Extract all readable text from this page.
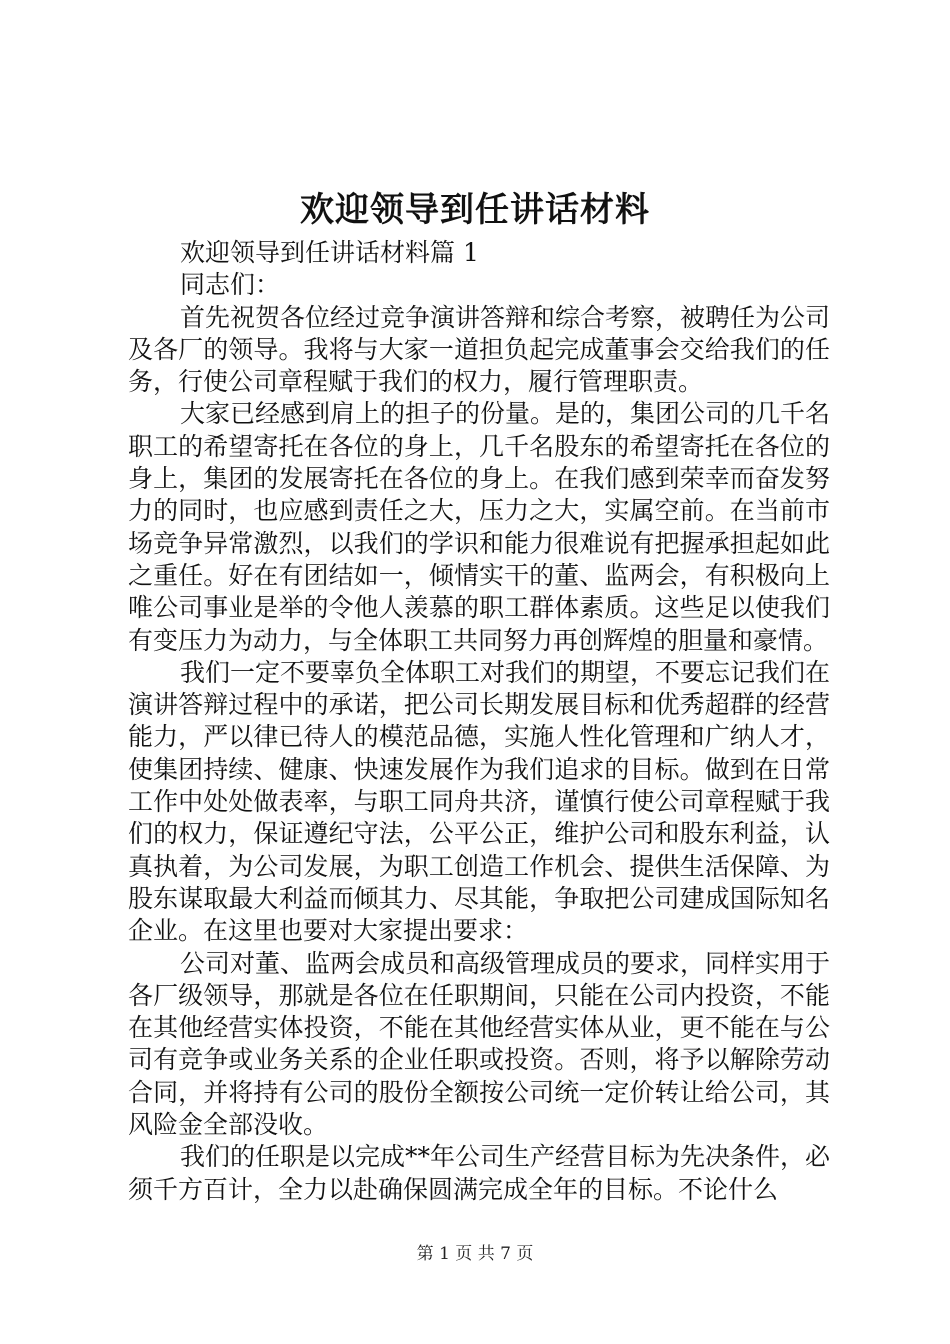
欢迎领导到任讲话材料

欢迎领导到任讲话材料篇 1

同志们：

首先祝贺各位经过竞争演讲答辩和综合考察，被聘任为公司及各厂的领导。我将与大家一道担负起完成董事会交给我们的任务，行使公司章程赋于我们的权力，履行管理职责。

大家已经感到肩上的担子的份量。是的，集团公司的几千名职工的希望寄托在各位的身上，几千名股东的希望寄托在各位的身上，集团的发展寄托在各位的身上。在我们感到荣幸而奋发努力的同时，也应感到责任之大，压力之大，实属空前。在当前市场竞争异常激烈，以我们的学识和能力很难说有把握承担起如此之重任。好在有团结如一，倾情实干的董、监两会，有积极向上唯公司事业是举的令他人羡慕的职工群体素质。这些足以使我们有变压力为动力，与全体职工共同努力再创辉煌的胆量和豪情。

我们一定不要辜负全体职工对我们的期望，不要忘记我们在演讲答辩过程中的承诺，把公司长期发展目标和优秀超群的经营能力，严以律已待人的模范品德，实施人性化管理和广纳人才，使集团持续、健康、快速发展作为我们追求的目标。做到在日常工作中处处做表率，与职工同舟共济，谨慎行使公司章程赋于我们的权力，保证遵纪守法，公平公正，维护公司和股东利益，认真执着，为公司发展，为职工创造工作机会、提供生活保障、为股东谋取最大利益而倾其力、尽其能，争取把公司建成国际知名企业。在这里也要对大家提出要求：

公司对董、监两会成员和高级管理成员的要求，同样实用于各厂级领导，那就是各位在任职期间，只能在公司内投资，不能在其他经营实体投资，不能在其他经营实体从业，更不能在与公司有竞争或业务关系的企业任职或投资。否则，将予以解除劳动合同，并将持有公司的股份全额按公司统一定价转让给公司，其风险金全部没收。

我们的任职是以完成**年公司生产经营目标为先决条件，必须千方百计，全力以赴确保圆满完成全年的目标。不论什么

第 1 页 共 7 页
